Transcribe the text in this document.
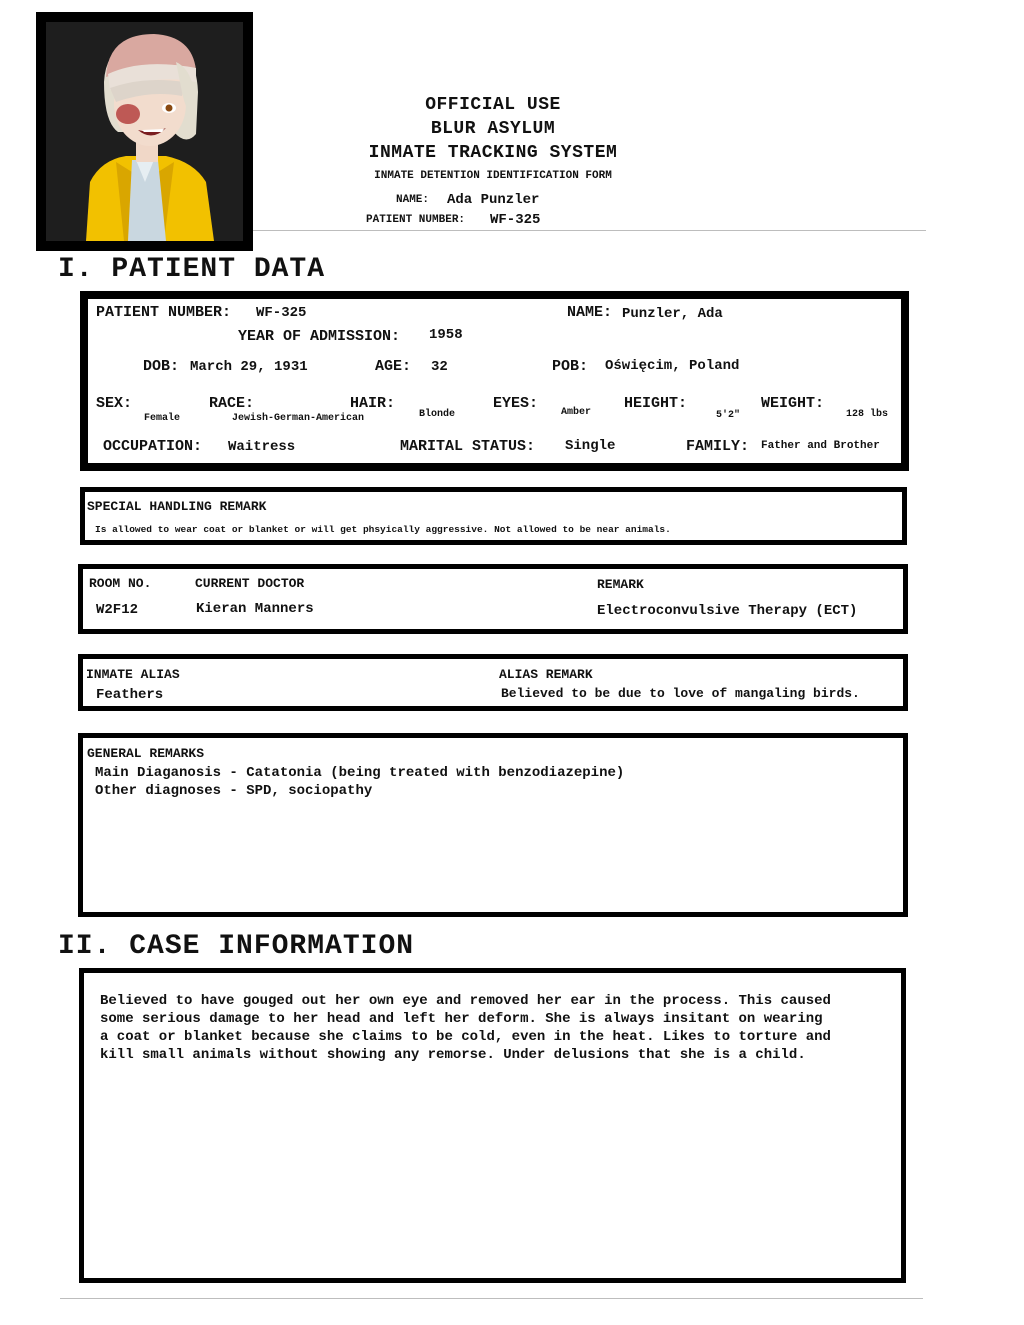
OFFICIAL USE
BLUR ASYLUM
INMATE TRACKING SYSTEM
INMATE DETENTION IDENTIFICATION FORM
NAME: Ada Punzler
PATIENT NUMBER: WF-325
I. PATIENT DATA
PATIENT NUMBER: WF-325	NAME: Punzler, Ada
YEAR OF ADMISSION: 1958
DOB: March 29, 1931	AGE: 32	POB: Oświęcim, Poland
SEX:
Female
RACE:
Jewish-German-American
HAIR:
Blonde
EYES:
Amber
HEIGHT:
5'2"
WEIGHT:
128 lbs
OCCUPATION: Waitress	MARITAL STATUS: Single	FAMILY: Father and Brother
SPECIAL HANDLING REMARK
Is allowed to wear coat or blanket or will get phsyically aggressive. Not allowed to be near animals.
ROOM NO.
W2F12
CURRENT DOCTOR
Kieran Manners
REMARK
Electroconvulsive Therapy (ECT)
INMATE ALIAS
Feathers
ALIAS REMARK
Believed to be due to love of mangaling birds.
GENERAL REMARKS
Main Diaganosis - Catatonia (being treated with benzodiazepine)
Other diagnoses - SPD, sociopathy
II. CASE INFORMATION
Believed to have gouged out her own eye and removed her ear in the process. This caused
some serious damage to her head and left her deform. She is always insitant on wearing
a coat or blanket because she claims to be cold, even in the heat. Likes to torture and
kill small animals without showing any remorse. Under delusions that she is a child.
